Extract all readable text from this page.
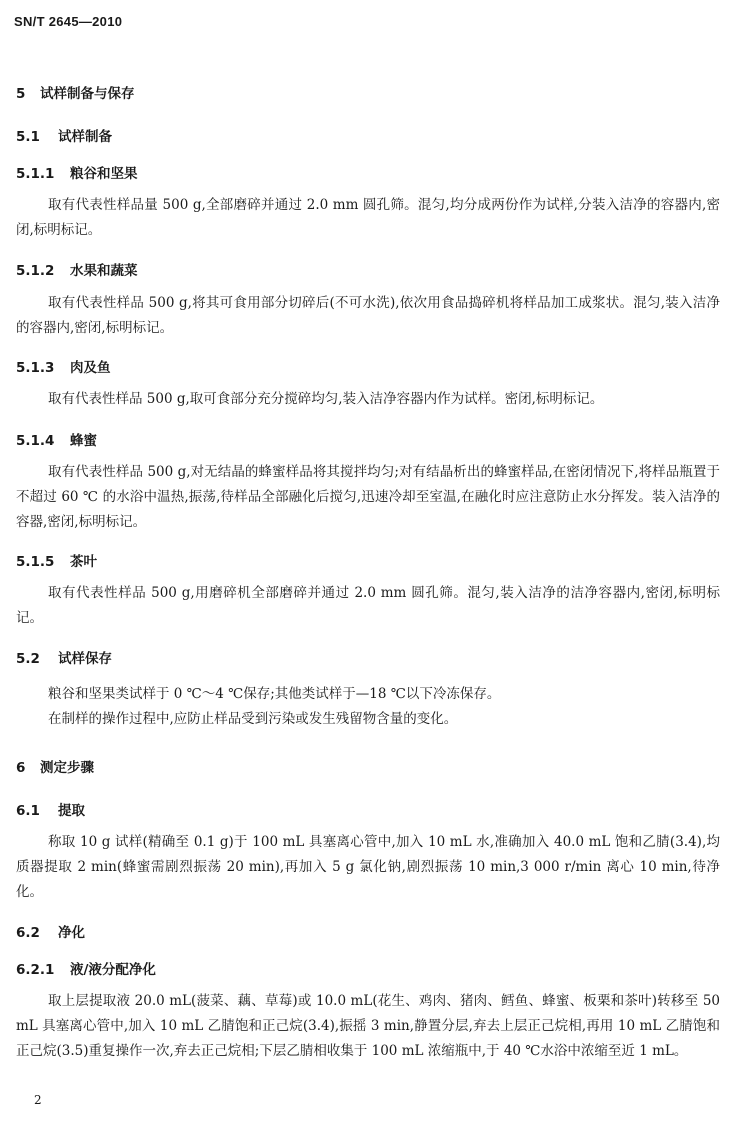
SN/T 2645—2010
5 试样制备与保存
5.1 试样制备
5.1.1 粮谷和坚果
取有代表性样品量 500 g,全部磨碎并通过 2.0 mm 圆孔筛。混匀,均分成两份作为试样,分装入洁净的容器内,密闭,标明标记。
5.1.2 水果和蔬菜
取有代表性样品 500 g,将其可食用部分切碎后(不可水洗),依次用食品捣碎机将样品加工成浆状。混匀,装入洁净的容器内,密闭,标明标记。
5.1.3 肉及鱼
取有代表性样品 500 g,取可食部分充分搅碎均匀,装入洁净容器内作为试样。密闭,标明标记。
5.1.4 蜂蜜
取有代表性样品 500 g,对无结晶的蜂蜜样品将其搅拌均匀;对有结晶析出的蜂蜜样品,在密闭情况下,将样品瓶置于不超过 60 ℃ 的水浴中温热,振荡,待样品全部融化后搅匀,迅速冷却至室温,在融化时应注意防止水分挥发。装入洁净的容器,密闭,标明标记。
5.1.5 茶叶
取有代表性样品 500 g,用磨碎机全部磨碎并通过 2.0 mm 圆孔筛。混匀,装入洁净的洁净容器内,密闭,标明标记。
5.2 试样保存
粮谷和坚果类试样于 0 ℃～4 ℃保存;其他类试样于—18 ℃以下冷冻保存。
在制样的操作过程中,应防止样品受到污染或发生残留物含量的变化。
6 测定步骤
6.1 提取
称取 10 g 试样(精确至 0.1 g)于 100 mL 具塞离心管中,加入 10 mL 水,准确加入 40.0 mL 饱和乙腈(3.4),均质器提取 2 min(蜂蜜需剧烈振荡 20 min),再加入 5 g 氯化钠,剧烈振荡 10 min,3 000 r/min 离心 10 min,待净化。
6.2 净化
6.2.1 液/液分配净化
取上层提取液 20.0 mL(菠菜、藕、草莓)或 10.0 mL(花生、鸡肉、猪肉、鳕鱼、蜂蜜、板栗和茶叶)转移至 50 mL 具塞离心管中,加入 10 mL 乙腈饱和正己烷(3.4),振摇 3 min,静置分层,弃去上层正己烷相,再用 10 mL 乙腈饱和正己烷(3.5)重复操作一次,弃去正己烷相;下层乙腈相收集于 100 mL 浓缩瓶中,于 40 ℃水浴中浓缩至近 1 mL。
2
